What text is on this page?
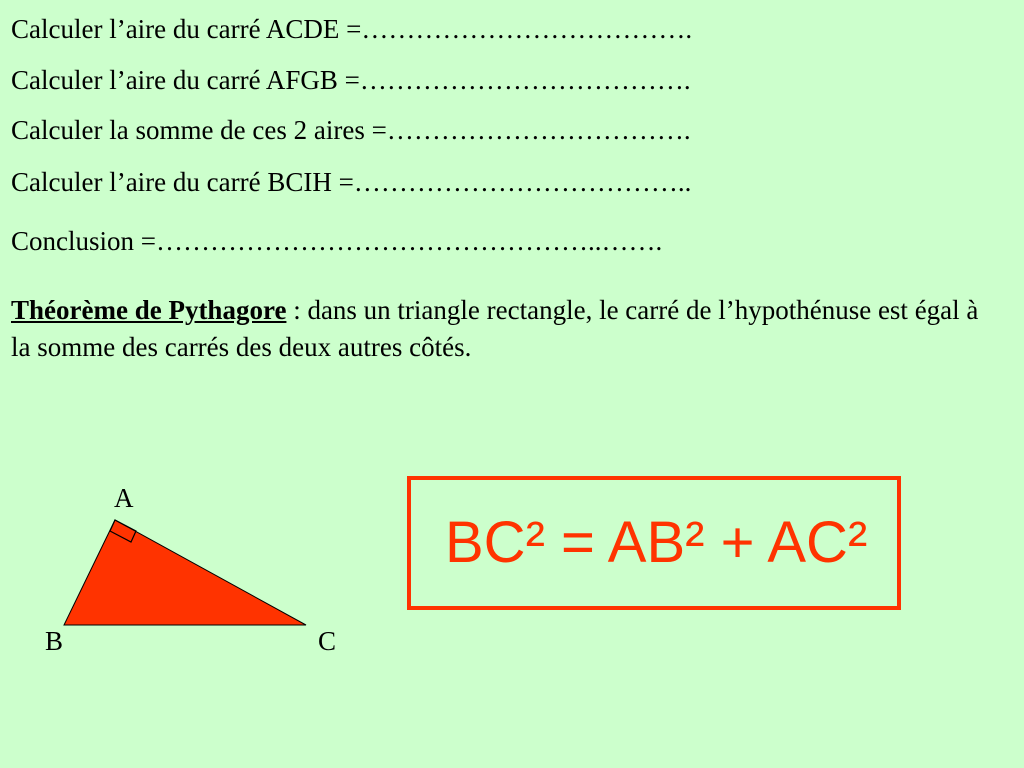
Calculer l’aire du carré ACDE =……………………………….
Calculer l’aire du carré AFGB =……………………………….
Calculer la somme de ces 2 aires =…………………………….
Calculer l’aire du carré BCIH =………………………………..
Conclusion =…………………………………………..…….
Théorème de Pythagore : dans un triangle rectangle, le carré de l’hypothénuse est égal à la somme des carrés des deux autres côtés.
A
B	C
BC² = AB² + AC²
